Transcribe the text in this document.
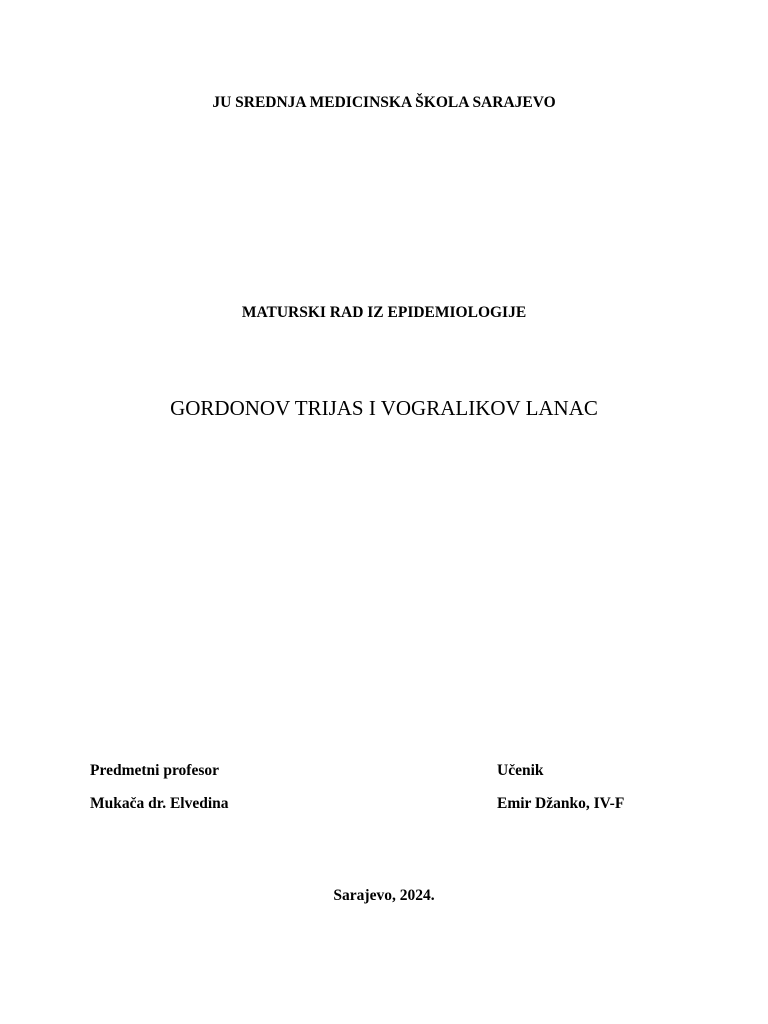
JU SREDNJA MEDICINSKA ŠKOLA SARAJEVO
MATURSKI RAD IZ EPIDEMIOLOGIJE
GORDONOV TRIJAS I VOGRALIKOV LANAC
Predmetni profesor
Mukača dr. Elvedina
Učenik
Emir Džanko, IV-F
Sarajevo, 2024.
